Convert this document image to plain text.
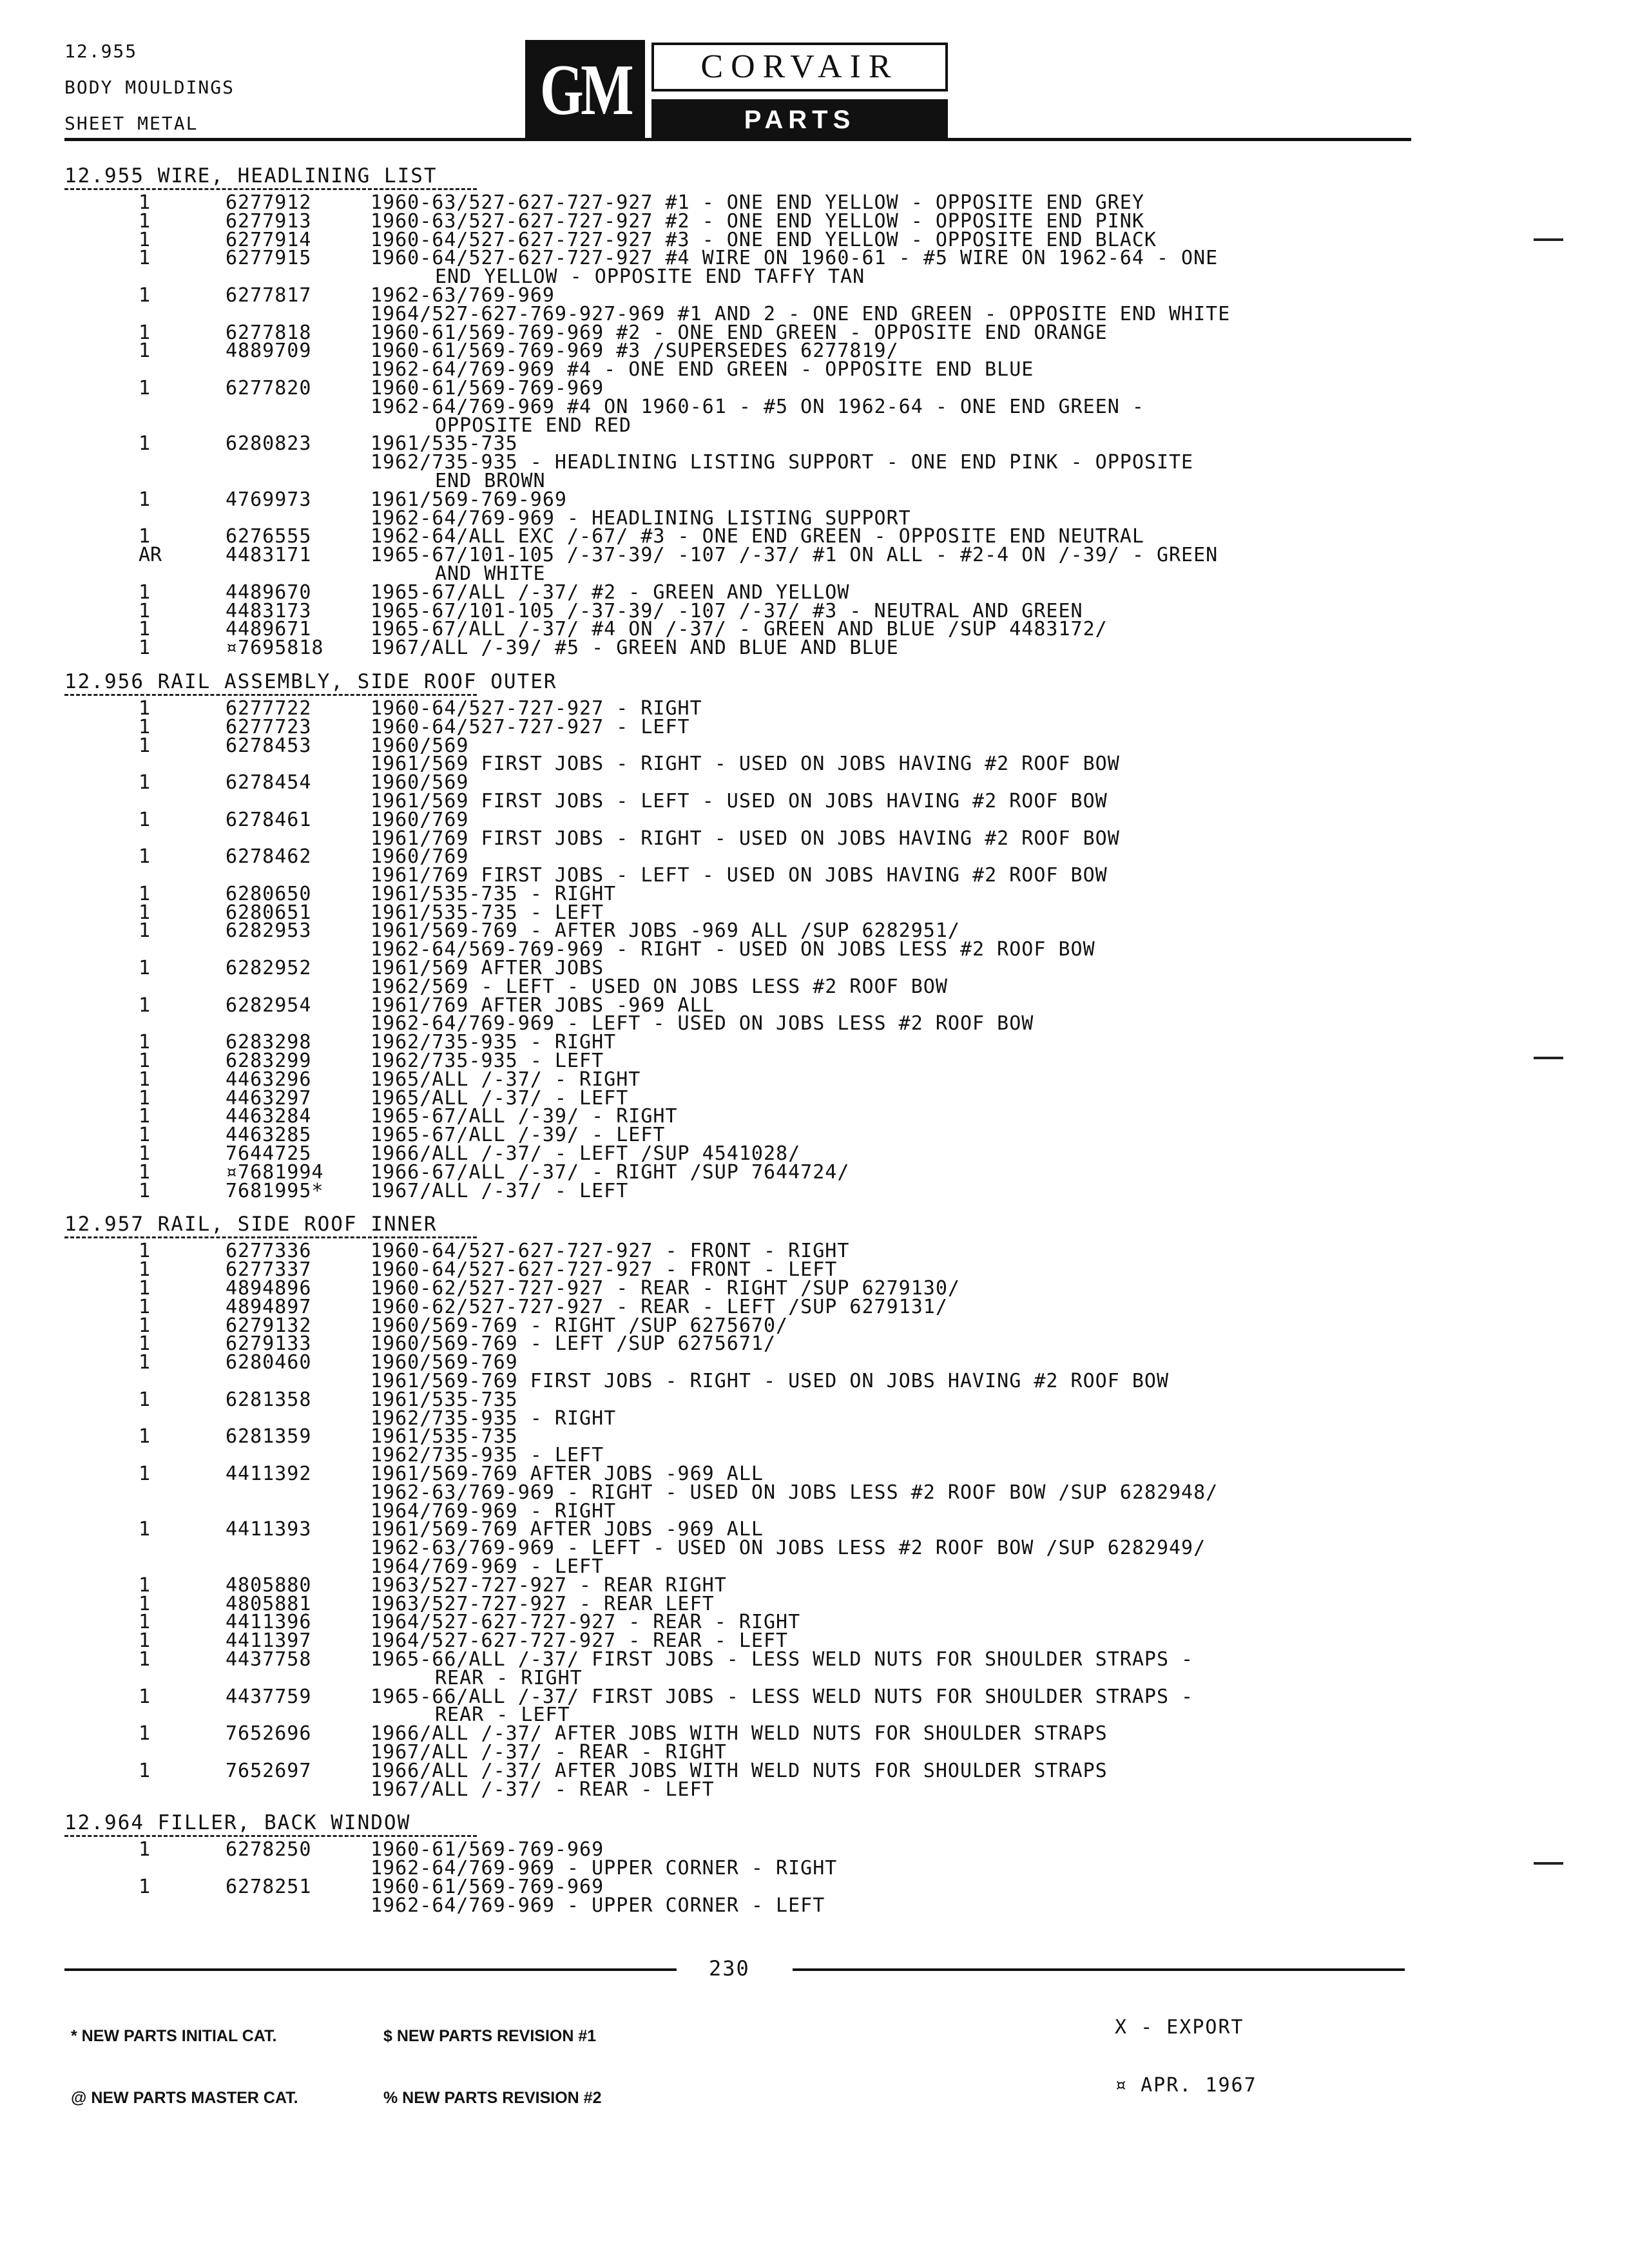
12.955
BODY MOULDINGS
SHEET METAL	GM	CORVAIR
PARTS CATALOGUE
12.955 WIRE, HEADLINING LIST
1	6277912	1960-63/527-627-727-927 #1 - ONE END YELLOW - OPPOSITE END GREY
1	6277913	1960-63/527-627-727-927 #2 - ONE END YELLOW - OPPOSITE END PINK
1	6277914	1960-64/527-627-727-927 #3 - ONE END YELLOW - OPPOSITE END BLACK
1	6277915	1960-64/527-627-727-927 #4 WIRE ON 1960-61 - #5 WIRE ON 1962-64 - ONE
END YELLOW - OPPOSITE END TAFFY TAN
1	6277817	1962-63/769-969
1964/527-627-769-927-969 #1 AND 2 - ONE END GREEN - OPPOSITE END WHITE
1	6277818	1960-61/569-769-969 #2 - ONE END GREEN - OPPOSITE END ORANGE
1	4889709	1960-61/569-769-969 #3 /SUPERSEDES 6277819/
1962-64/769-969 #4 - ONE END GREEN - OPPOSITE END BLUE
1	6277820	1960-61/569-769-969
1962-64/769-969 #4 ON 1960-61 - #5 ON 1962-64 - ONE END GREEN -
OPPOSITE END RED
1	6280823	1961/535-735
1962/735-935 - HEADLINING LISTING SUPPORT - ONE END PINK - OPPOSITE
END BROWN
1	4769973	1961/569-769-969
1962-64/769-969 - HEADLINING LISTING SUPPORT
1	6276555	1962-64/ALL EXC /-67/ #3 - ONE END GREEN - OPPOSITE END NEUTRAL
AR	4483171	1965-67/101-105 /-37-39/ -107 /-37/ #1 ON ALL - #2-4 ON /-39/ - GREEN
AND WHITE
1	4489670	1965-67/ALL /-37/ #2 - GREEN AND YELLOW
1	4483173	1965-67/101-105 /-37-39/ -107 /-37/ #3 - NEUTRAL AND GREEN
1	4489671	1965-67/ALL /-37/ #4 ON /-37/ - GREEN AND BLUE /SUP 4483172/
1	¤7695818 1967/ALL /-39/ #5 - GREEN AND BLUE AND BLUE
12.956 RAIL ASSEMBLY, SIDE ROOF OUTER
1	6277722	1960-64/527-727-927 - RIGHT
1	6277723	1960-64/527-727-927 - LEFT
1	6278453	1960/569
1961/569 FIRST JOBS - RIGHT - USED ON JOBS HAVING #2 ROOF BOW
1	6278454	1960/569
1961/569 FIRST JOBS - LEFT - USED ON JOBS HAVING #2 ROOF BOW
1	6278461	1960/769
1961/769 FIRST JOBS - RIGHT - USED ON JOBS HAVING #2 ROOF BOW
1	6278462	1960/769
1961/769 FIRST JOBS - LEFT - USED ON JOBS HAVING #2 ROOF BOW
1	6280650	1961/535-735 - RIGHT
1	6280651	1961/535-735 - LEFT
1	6282953	1961/569-769 - AFTER JOBS -969 ALL /SUP 6282951/
1962-64/569-769-969 - RIGHT - USED ON JOBS LESS #2 ROOF BOW
1	6282952	1961/569 AFTER JOBS
1962/569 - LEFT - USED ON JOBS LESS #2 ROOF BOW
1	6282954	1961/769 AFTER JOBS -969 ALL
1962-64/769-969 - LEFT - USED ON JOBS LESS #2 ROOF BOW
1	6283298	1962/735-935 - RIGHT
1	6283299	1962/735-935 - LEFT
1	4463296	1965/ALL /-37/ - RIGHT
1	4463297	1965/ALL /-37/ - LEFT
1	4463284	1965-67/ALL /-39/ - RIGHT
1	4463285	1965-67/ALL /-39/ - LEFT
1	7644725	1966/ALL /-37/ - LEFT /SUP 4541028/
1	¤7681994 1966-67/ALL /-37/ - RIGHT /SUP 7644724/
1	7681995* 1967/ALL /-37/ - LEFT
12.957 RAIL, SIDE ROOF INNER
1	6277336	1960-64/527-627-727-927 - FRONT - RIGHT
1	6277337	1960-64/527-627-727-927 - FRONT - LEFT
1	4894896	1960-62/527-727-927 - REAR - RIGHT /SUP 6279130/
1	4894897	1960-62/527-727-927 - REAR - LEFT /SUP 6279131/
1	6279132	1960/569-769 - RIGHT /SUP 6275670/
1	6279133	1960/569-769 - LEFT /SUP 6275671/
1	6280460	1960/569-769
1961/569-769 FIRST JOBS - RIGHT - USED ON JOBS HAVING #2 ROOF BOW
1	6281358	1961/535-735
1962/735-935 - RIGHT
1	6281359	1961/535-735
1962/735-935 - LEFT
1	4411392	1961/569-769 AFTER JOBS -969 ALL
1962-63/769-969 - RIGHT - USED ON JOBS LESS #2 ROOF BOW /SUP 6282948/
1964/769-969 - RIGHT
1	4411393	1961/569-769 AFTER JOBS -969 ALL
1962-63/769-969 - LEFT - USED ON JOBS LESS #2 ROOF BOW /SUP 6282949/
1964/769-969 - LEFT
1	4805880	1963/527-727-927 - REAR RIGHT
1	4805881	1963/527-727-927 - REAR LEFT
1	4411396	1964/527-627-727-927 - REAR - RIGHT
1	4411397	1964/527-627-727-927 - REAR - LEFT
1	4437758	1965-66/ALL /-37/ FIRST JOBS - LESS WELD NUTS FOR SHOULDER STRAPS -
REAR - RIGHT
1	4437759	1965-66/ALL /-37/ FIRST JOBS - LESS WELD NUTS FOR SHOULDER STRAPS -
REAR - LEFT
1	7652696	1966/ALL /-37/ AFTER JOBS WITH WELD NUTS FOR SHOULDER STRAPS
1967/ALL /-37/ - REAR - RIGHT
1	7652697	1966/ALL /-37/ AFTER JOBS WITH WELD NUTS FOR SHOULDER STRAPS
1967/ALL /-37/ - REAR - LEFT
12.964 FILLER, BACK WINDOW
1	6278250	1960-61/569-769-969
1962-64/769-969 - UPPER CORNER - RIGHT
1	6278251	1960-61/569-769-969
1962-64/769-969 - UPPER CORNER - LEFT
230

* NEW PARTS INITIAL CAT.

@ NEW PARTS MASTER CAT.

$ NEW PARTS REVISION #1

% NEW PARTS REVISION #2

X - EXPORT

¤ APR. 1967
